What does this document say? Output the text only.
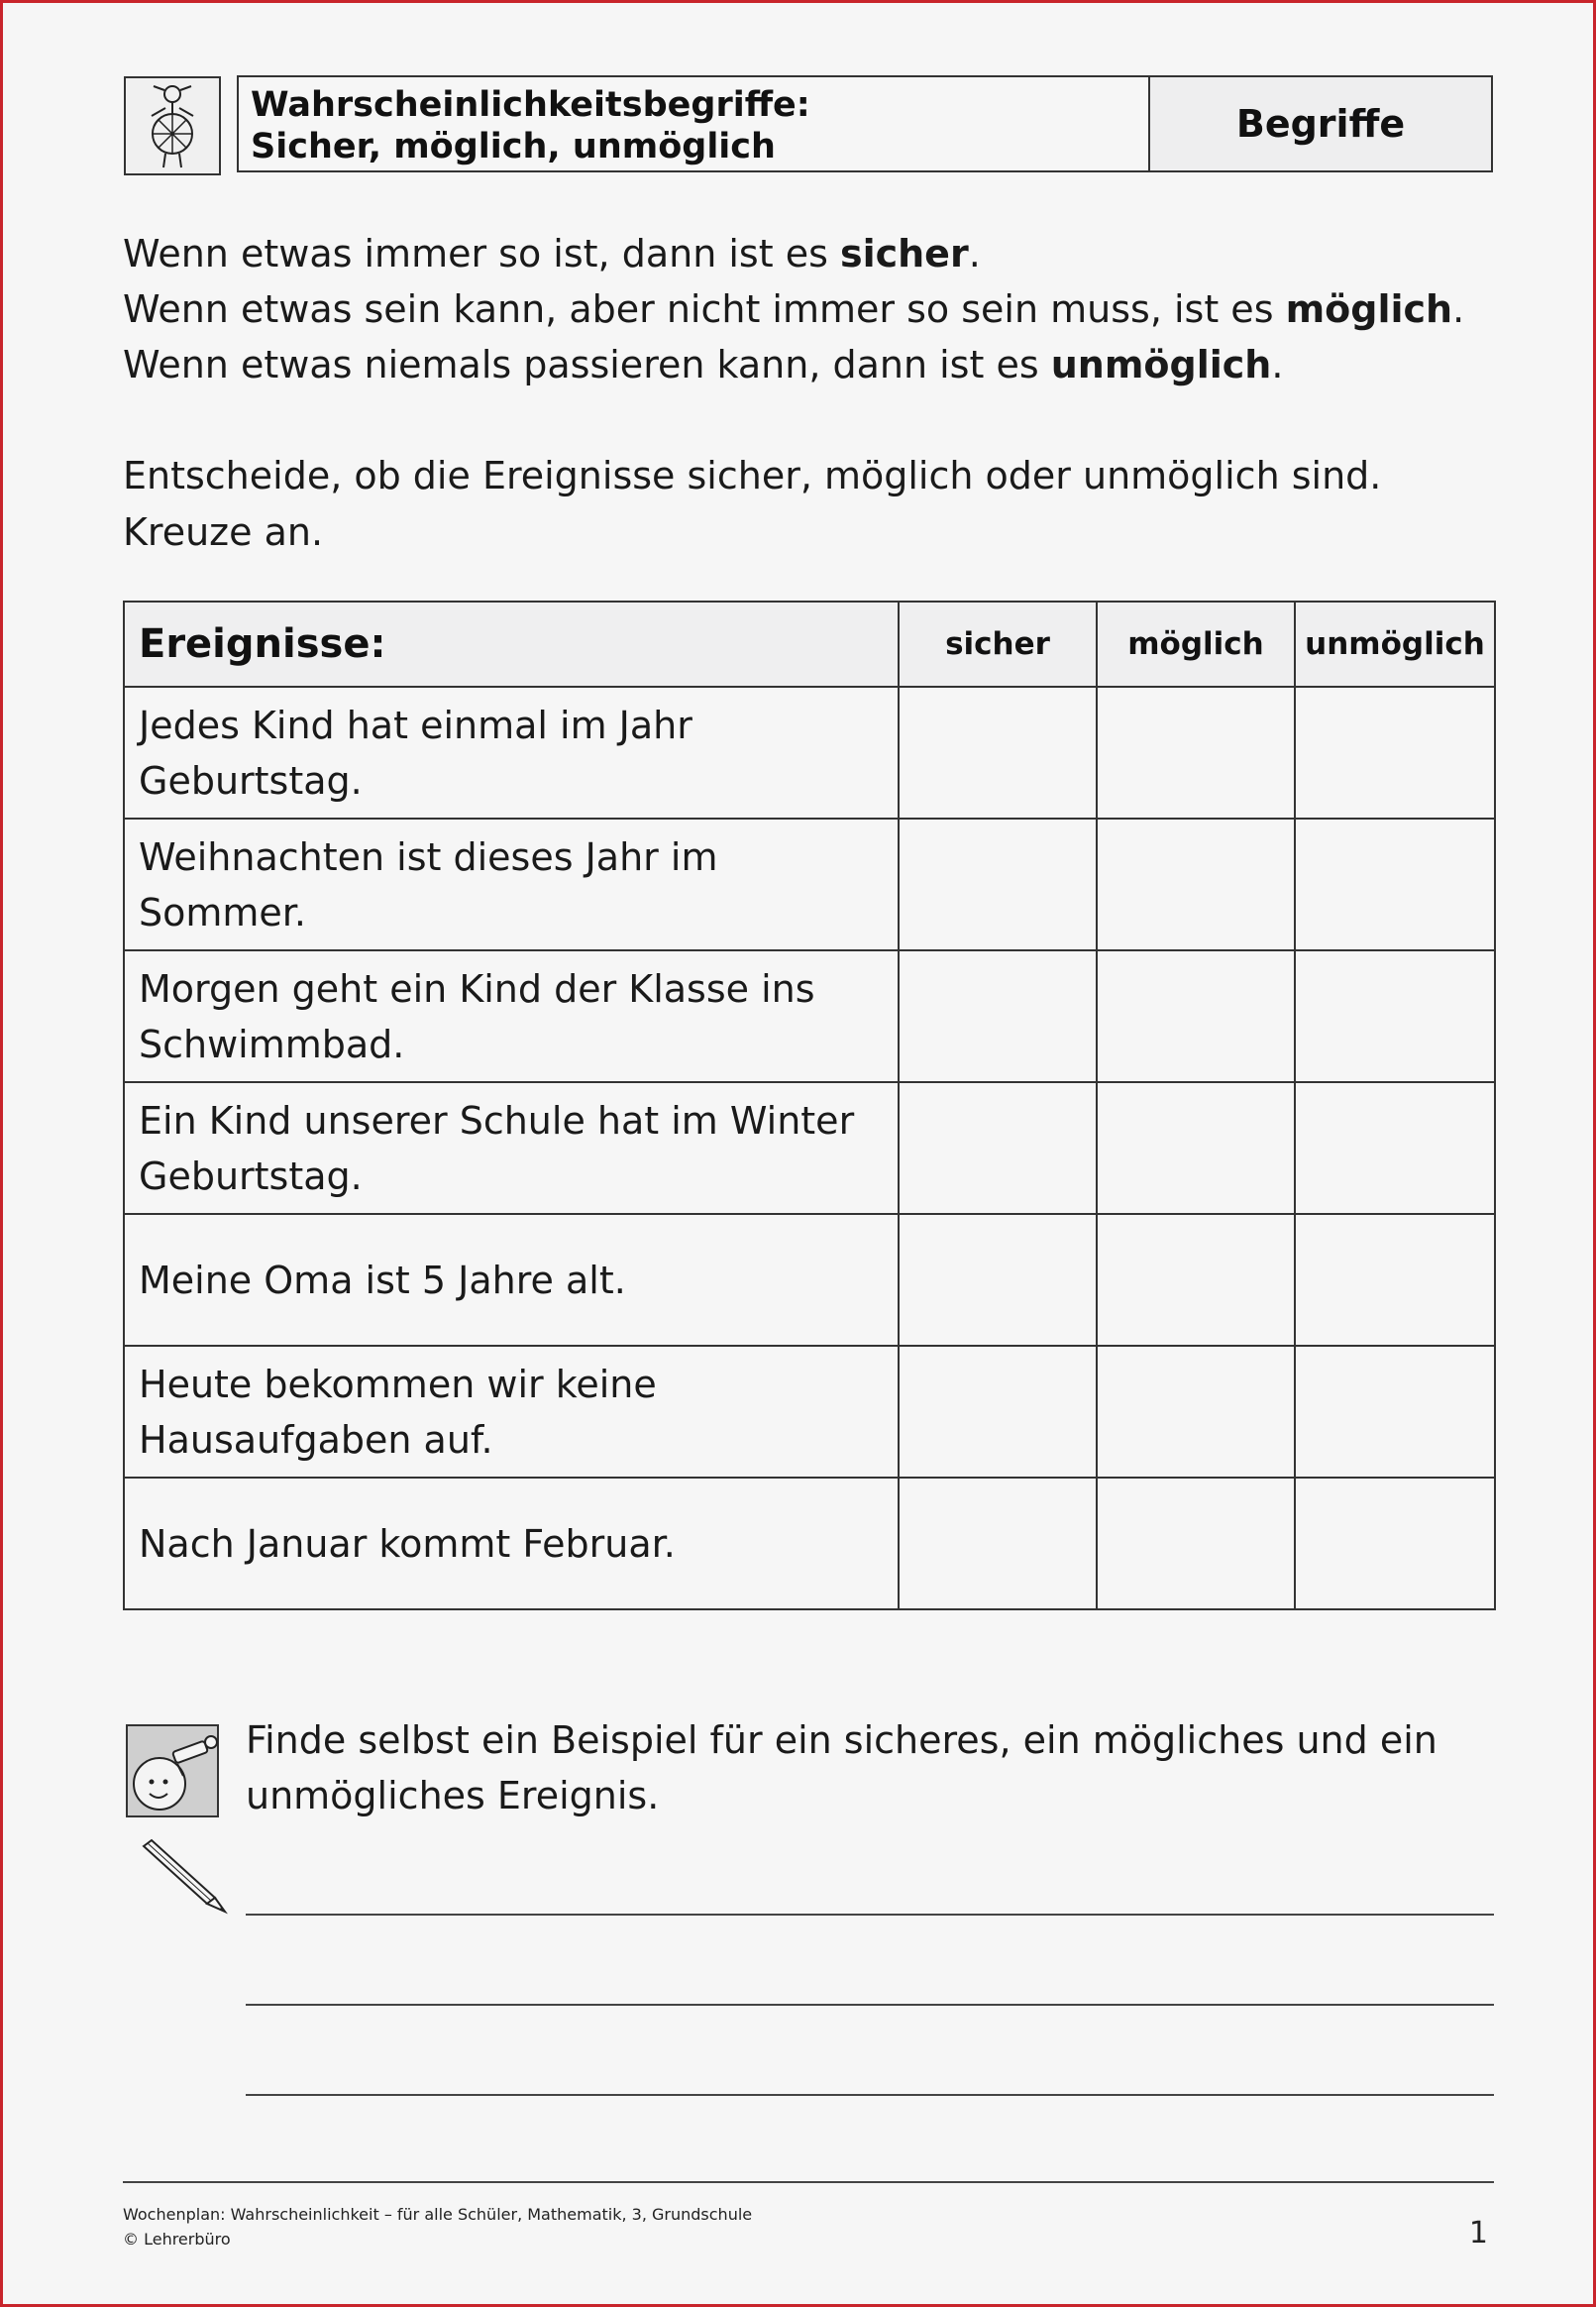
Wahrscheinlichkeitsbegriffe:
Sicher, möglich, unmöglich
Begriffe
Wenn etwas immer so ist, dann ist es sicher.
Wenn etwas sein kann, aber nicht immer so sein muss, ist es möglich.
Wenn etwas niemals passieren kann, dann ist es unmöglich.
Entscheide, ob die Ereignisse sicher, möglich oder unmöglich sind.
Kreuze an.
Ereignisse:	sicher	möglich	unmöglich
Jedes Kind hat einmal im Jahr Geburtstag.			
Weihnachten ist dieses Jahr im Sommer.			
Morgen geht ein Kind der Klasse ins Schwimmbad.			
Ein Kind unserer Schule hat im Winter Geburtstag.			
Meine Oma ist 5 Jahre alt.			
Heute bekommen wir keine Hausaufgaben auf.			
Nach Januar kommt Februar.			
Finde selbst ein Beispiel für ein sicheres, ein mögliches und ein unmögliches Ereignis.
Wochenplan: Wahrscheinlichkeit – für alle Schüler, Mathematik, 3, Grundschule
© Lehrerbüro	1
